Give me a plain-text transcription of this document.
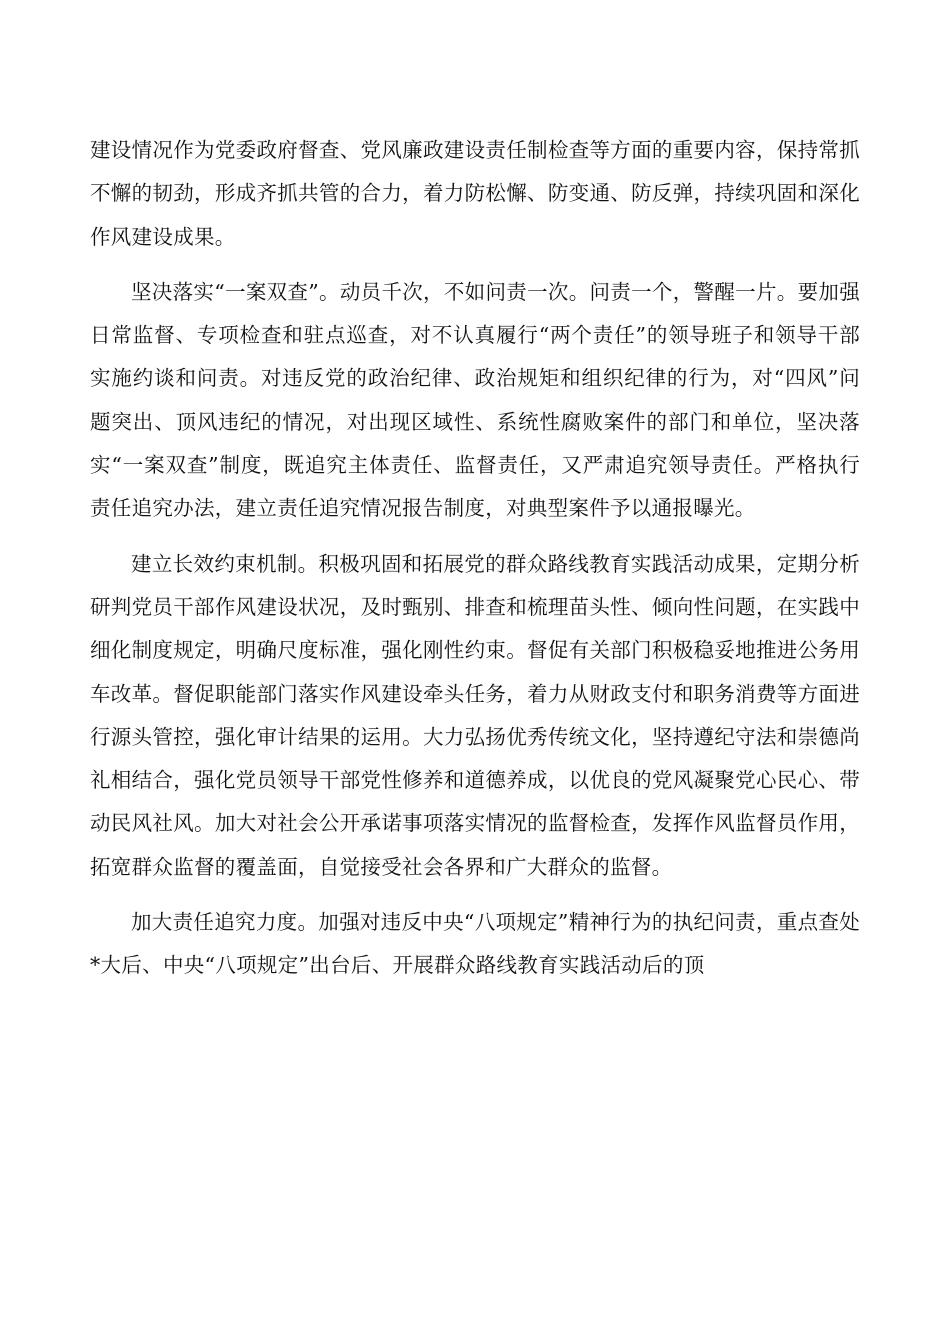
建设情况作为党委政府督查、党风廉政建设责任制检查等方面的重要内容，保持常抓不懈的韧劲，形成齐抓共管的合力，着力防松懈、防变通、防反弹，持续巩固和深化作风建设成果。

坚决落实“一案双查”。动员千次，不如问责一次。问责一个，警醒一片。要加强日常监督、专项检查和驻点巡查，对不认真履行“两个责任”的领导班子和领导干部实施约谈和问责。对违反党的政治纪律、政治规矩和组织纪律的行为，对“四风”问题突出、顶风违纪的情况，对出现区域性、系统性腐败案件的部门和单位，坚决落实“一案双查”制度，既追究主体责任、监督责任，又严肃追究领导责任。严格执行责任追究办法，建立责任追究情况报告制度，对典型案件予以通报曝光。

建立长效约束机制。积极巩固和拓展党的群众路线教育实践活动成果，定期分析研判党员干部作风建设状况，及时甄别、排查和梳理苗头性、倾向性问题，在实践中细化制度规定，明确尺度标准，强化刚性约束。督促有关部门积极稳妥地推进公务用车改革。督促职能部门落实作风建设牵头任务，着力从财政支付和职务消费等方面进行源头管控，强化审计结果的运用。大力弘扬优秀传统文化，坚持遵纪守法和崇德尚礼相结合，强化党员领导干部党性修养和道德养成，以优良的党风凝聚党心民心、带动民风社风。加大对社会公开承诺事项落实情况的监督检查，发挥作风监督员作用，拓宽群众监督的覆盖面，自觉接受社会各界和广大群众的监督。

加大责任追究力度。加强对违反中央“八项规定”精神行为的执纪问责，重点查处*大后、中央“八项规定”出台后、开展群众路线教育实践活动后的顶
